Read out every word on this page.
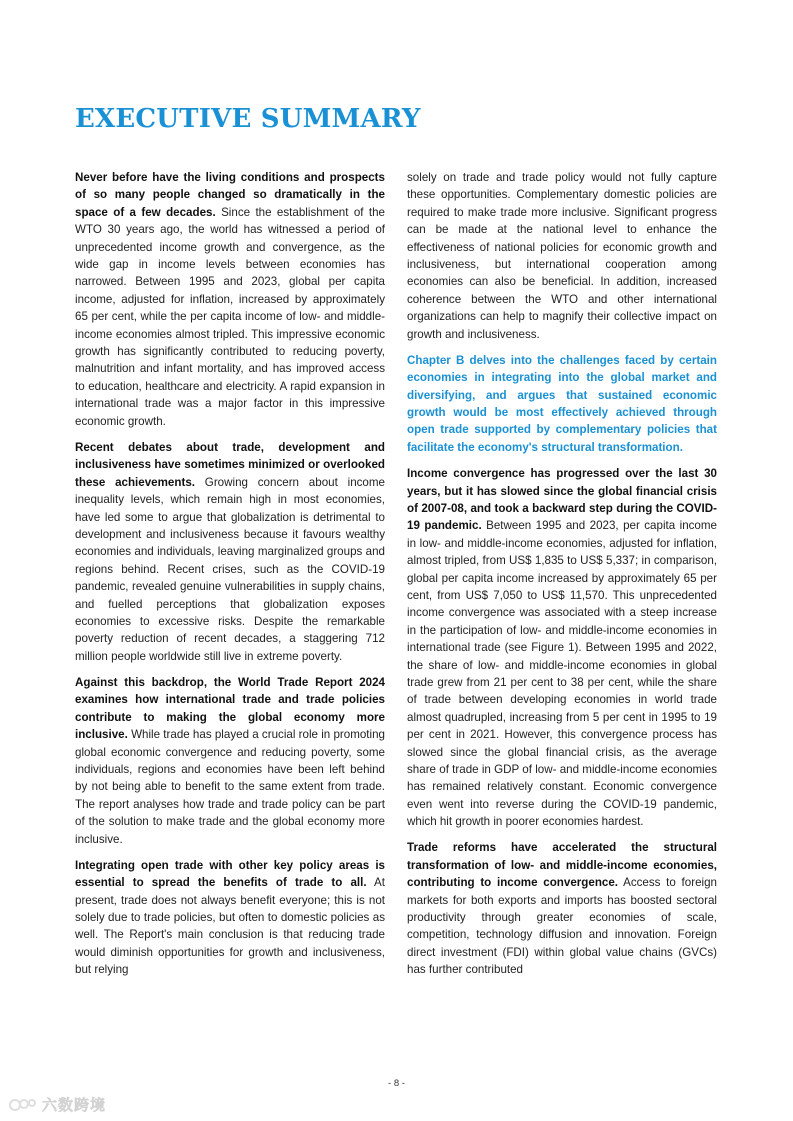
EXECUTIVE SUMMARY

Never before have the living conditions and prospects of so many people changed so dramatically in the space of a few decades. Since the establishment of the WTO 30 years ago, the world has witnessed a period of unprecedented income growth and convergence, as the wide gap in income levels between economies has narrowed. Between 1995 and 2023, global per capita income, adjusted for inflation, increased by approximately 65 per cent, while the per capita income of low- and middle-income economies almost tripled. This impressive economic growth has significantly contributed to reducing poverty, malnutrition and infant mortality, and has improved access to education, healthcare and electricity. A rapid expansion in international trade was a major factor in this impressive economic growth.

Recent debates about trade, development and inclusiveness have sometimes minimized or overlooked these achievements. Growing concern about income inequality levels, which remain high in most economies, have led some to argue that globalization is detrimental to development and inclusiveness because it favours wealthy economies and individuals, leaving marginalized groups and regions behind. Recent crises, such as the COVID-19 pandemic, revealed genuine vulnerabilities in supply chains, and fuelled perceptions that globalization exposes economies to excessive risks. Despite the remarkable poverty reduction of recent decades, a staggering 712 million people worldwide still live in extreme poverty.

Against this backdrop, the World Trade Report 2024 examines how international trade and trade policies contribute to making the global economy more inclusive. While trade has played a crucial role in promoting global economic convergence and reducing poverty, some individuals, regions and economies have been left behind by not being able to benefit to the same extent from trade. The report analyses how trade and trade policy can be part of the solution to make trade and the global economy more inclusive.

Integrating open trade with other key policy areas is essential to spread the benefits of trade to all. At present, trade does not always benefit everyone; this is not solely due to trade policies, but often to domestic policies as well. The Report's main conclusion is that reducing trade would diminish opportunities for growth and inclusiveness, but relying

solely on trade and trade policy would not fully capture these opportunities. Complementary domestic policies are required to make trade more inclusive. Significant progress can be made at the national level to enhance the effectiveness of national policies for economic growth and inclusiveness, but international cooperation among economies can also be beneficial. In addition, increased coherence between the WTO and other international organizations can help to magnify their collective impact on growth and inclusiveness.

Chapter B delves into the challenges faced by certain economies in integrating into the global market and diversifying, and argues that sustained economic growth would be most effectively achieved through open trade supported by complementary policies that facilitate the economy's structural transformation.

Income convergence has progressed over the last 30 years, but it has slowed since the global financial crisis of 2007-08, and took a backward step during the COVID-19 pandemic. Between 1995 and 2023, per capita income in low- and middle-income economies, adjusted for inflation, almost tripled, from US$ 1,835 to US$ 5,337; in comparison, global per capita income increased by approximately 65 per cent, from US$ 7,050 to US$ 11,570. This unprecedented income convergence was associated with a steep increase in the participation of low- and middle-income economies in international trade (see Figure 1). Between 1995 and 2022, the share of low- and middle-income economies in global trade grew from 21 per cent to 38 per cent, while the share of trade between developing economies in world trade almost quadrupled, increasing from 5 per cent in 1995 to 19 per cent in 2021. However, this convergence process has slowed since the global financial crisis, as the average share of trade in GDP of low- and middle-income economies has remained relatively constant. Economic convergence even went into reverse during the COVID-19 pandemic, which hit growth in poorer economies hardest.

Trade reforms have accelerated the structural transformation of low- and middle-income economies, contributing to income convergence. Access to foreign markets for both exports and imports has boosted sectoral productivity through greater economies of scale, competition, technology diffusion and innovation. Foreign direct investment (FDI) within global value chains (GVCs) has further contributed

- 8 -
六数跨境
